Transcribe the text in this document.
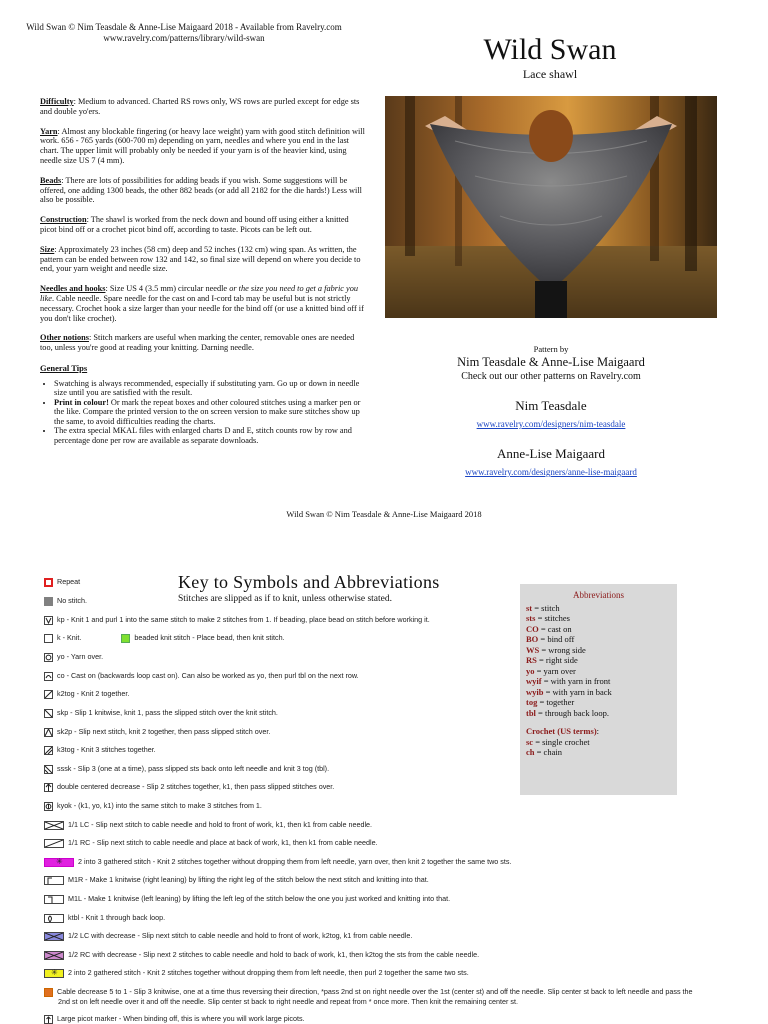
Wild Swan © Nim Teasdale & Anne-Lise Maigaard 2018 - Available from Ravelry.com
www.ravelry.com/patterns/library/wild-swan	Wild Swan
Lace shawl

Difficulty: Medium to advanced. Charted RS rows only, WS rows are purled except for edge sts and double yo'ers.

Yarn: Almost any blockable fingering (or heavy lace weight) yarn with good stitch definition will work. 656 - 765 yards (600-700 m) depending on yarn, needles and where you end in the last chart. The upper limit will probably only be needed if your yarn is of the heavier kind, using needle size US 7 (4 mm).

Beads: There are lots of possibilities for adding beads if you wish. Some suggestions will be offered, one adding 1300 beads, the other 882 beads (or add all 2182 for the die hards!) Less will also be possible.

Construction: The shawl is worked from the neck down and bound off using either a knitted picot bind off or a crochet picot bind off, according to taste. Picots can be left out.

Size: Approximately 23 inches (58 cm) deep and 52 inches (132 cm) wing span. As written, the pattern can be ended between row 132 and 142, so final size will depend on where you decide to end, your yarn weight and needle size.

Needles and hooks: Size US 4 (3.5 mm) circular needle or the size you need to get a fabric you like. Cable needle. Spare needle for the cast on and I-cord tab may be useful but is not strictly necessary. Crochet hook a size larger than your needle for the bind off (or use a knitted bind off if you don't like crochet).

Other notions: Stitch markers are useful when marking the center, removable ones are needed too, unless you're good at reading your knitting. Darning needle.

General Tips
• Swatching is always recommended, especially if substituting yarn. Go up or down in needle size until you are satisfied with the result.
• Print in colour! Or mark the repeat boxes and other coloured stitches using a marker pen or the like. Compare the printed version to the on screen version to make sure stitches show up the same, to avoid difficulties reading the charts.
• The extra special MKAL files with enlarged charts D and E, stitch counts row by row and percentage done per row are available as separate downloads.
Pattern by
Nim Teasdale & Anne-Lise Maigaard
Check out our other patterns on Ravelry.com
Nim Teasdale
www.ravelry.com/designers/nim-teasdale
Anne-Lise Maigaard
www.ravelry.com/designers/anne-lise-maigaard
Wild Swan © Nim Teasdale & Anne-Lise Maigaard 2018
Key to Symbols and Abbreviations
Stitches are slipped as if to knit, unless otherwise stated.
Repeat
No stitch.
kp - Knit 1 and purl 1 into the same stitch to make 2 stitches from 1. If beading, place bead on stitch before working it.
k - Knit.	beaded knit stitch - Place bead, then knit stitch.
yo - Yarn over.
co - Cast on (backwards loop cast on). Can also be worked as yo, then purl tbl on the next row.
k2tog - Knit 2 together.
skp - Slip 1 knitwise, knit 1, pass the slipped stitch over the knit stitch.
sk2p - Slip next stitch, knit 2 together, then pass slipped stitch over.
k3tog - Knit 3 stitches together.
sssk - Slip 3 (one at a time), pass slipped sts back onto left needle and knit 3 tog (tbl).
double centered decrease - Slip 2 stitches together, k1, then pass slipped stitches over.
kyok - (k1, yo, k1) into the same stitch to make 3 stitches from 1.
1/1 LC - Slip next stitch to cable needle and hold to front of work, k1, then k1 from cable needle.
1/1 RC - Slip next stitch to cable needle and place at back of work, k1, then k1 from cable needle.
✳ 2 into 3 gathered stitch - Knit 2 stitches together without dropping them from left needle, yarn over, then knit 2 together the same two sts.
M1R - Make 1 knitwise (right leaning) by lifting the right leg of the stitch below the next stitch and knitting into that.
M1L - Make 1 knitwise (left leaning) by lifting the left leg of the stitch below the one you just worked and knitting into that.
ktbl - Knit 1 through back loop.
1/2 LC with decrease - Slip next stitch to cable needle and hold to front of work, k2tog, k1 from cable needle.
1/2 RC with decrease - Slip next 2 stitches to cable needle and hold to back of work, k1, then k2tog the sts from the cable needle.
✳ 2 into 2 gathered stitch - Knit 2 stitches together without dropping them from left needle, then purl 2 together the same two sts.
Cable decrease 5 to 1 - Slip 3 knitwise, one at a time thus reversing their direction, *pass 2nd st on right needle over the 1st (center st) and off the needle. Slip center st back to left needle and pass the
2nd st on left needle over it and off the needle. Slip center st back to right needle and repeat from * once more. Then knit the remaining center st.
Large picot marker - When binding off, this is where you will work large picots.
Abbreviations
st = stitch
sts = stitches
CO = cast on
BO = bind off
WS = wrong side
RS = right side
yo = yarn over
wyif = with yarn in front
wyib = with yarn in back
tog = together
tbl = through back loop.
Crochet (US terms):
sc = single crochet
ch = chain
